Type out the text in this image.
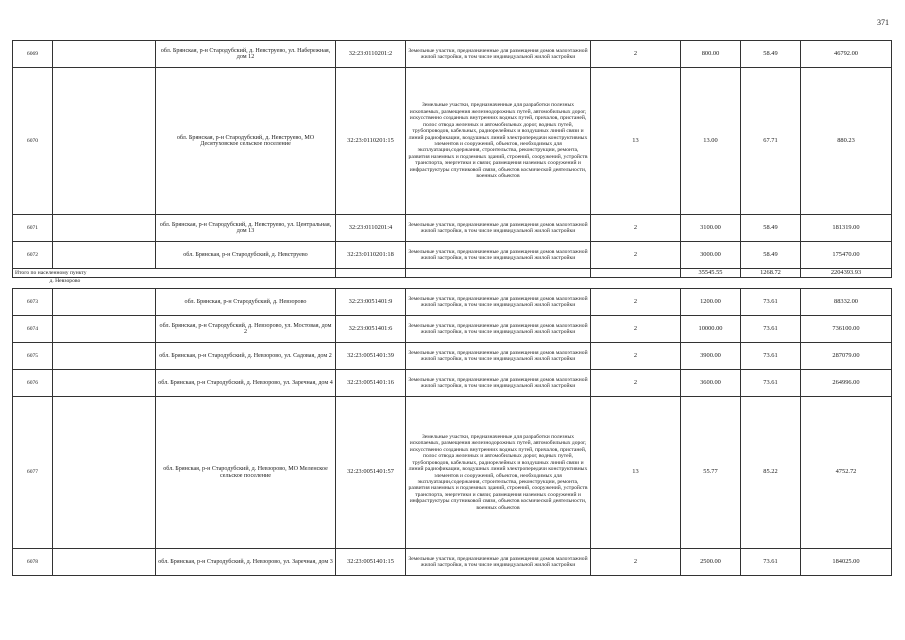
371
6069		обл. Брянская, р-н Стародубский, д. Невструево, ул. Набережная, дом 12	32:23:0110201:2	Земельные участки, предназначенные для размещения домов малоэтажной жилой застройки, в том числе индивидуальной жилой застройки	2	800.00	58.49	46792.00
6070		обл. Брянская, р-н Стародубский, д. Невструево, МО Десятуховское сельское поселение	32:23:0110201:15	Земельные участки, предназначенные для разработки полезных ископаемых, размещения железнодорожных путей, автомобильных дорог, искусственно созданных внутренних водных путей, причалов, пристаней, полос отвода железных и автомобильных дорог, водных путей, трубопроводов, кабельных, радиорелейных и воздушных линий связи и линий радиофикации, воздушных линий электропередачи конструктивных элементов и сооружений, объектов, необходимых для эксплуатации,содержания, строительства, реконструкции, ремонта, развития наземных и подземных зданий, строений, сооружений, устройств транспорта, энергетики и связи; размещения наземных сооружений и инфраструктуры спутниковой связи, объектов космической деятельности, военных объектов	13	13.00	67.71	880.23
6071		обл. Брянская, р-н Стародубский, д. Невструево, ул. Центральная, дом 13	32:23:0110201:4	Земельные участки, предназначенные для размещения домов малоэтажной жилой застройки, в том числе индивидуальной жилой застройки	2	3100.00	58.49	181319.00
6072		обл. Брянская, р-н Стародубский, д. Невструево	32:23:0110201:18	Земельные участки, предназначенные для размещения домов малоэтажной жилой застройки, в том числе индивидуальной жилой застройки	2	3000.00	58.49	175470.00
Итого по населенному пункту						35545.55	1268.72	2204393.93
д. Невзорово								
6073		обл. Брянская, р-н Стародубский, д. Невзорово	32:23:0051401:9	Земельные участки, предназначенные для размещения домов малоэтажной жилой застройки, в том числе индивидуальной жилой застройки	2	1200.00	73.61	88332.00
6074		обл. Брянская, р-н Стародубский, д. Невзорово, ул. Мостовая, дом 2	32:23:0051401:6	Земельные участки, предназначенные для размещения домов малоэтажной жилой застройки, в том числе индивидуальной жилой застройки	2	10000.00	73.61	736100.00
6075		обл. Брянская, р-н Стародубский, д. Невзорово, ул. Садовая, дом 2	32:23:0051401:39	Земельные участки, предназначенные для размещения домов малоэтажной жилой застройки, в том числе индивидуальной жилой застройки	2	3900.00	73.61	287079.00
6076		обл. Брянская, р-н Стародубский, д. Невзорово, ул. Заречная, дом 4	32:23:0051401:16	Земельные участки, предназначенные для размещения домов малоэтажной жилой застройки, в том числе индивидуальной жилой застройки	2	3600.00	73.61	264996.00
6077		обл. Брянская, р-н Стародубский, д. Невзорово, МО Меленское сельское поселение	32:23:0051401:57	Земельные участки, предназначенные для разработки полезных ископаемых, размещения железнодорожных путей, автомобильных дорог, искусственно созданных внутренних водных путей, причалов, пристаней, полос отвода железных и автомобильных дорог, водных путей, трубопроводов, кабельных, радиорелейных и воздушных линий связи и линий радиофикации, воздушных линий электропередачи конструктивных элементов и сооружений, объектов, необходимых для эксплуатации,содержания, строительства, реконструкции, ремонта, развития наземных и подземных зданий, строений, сооружений, устройств транспорта, энергетики и связи; размещения наземных сооружений и инфраструктуры спутниковой связи, объектов космической деятельности, военных объектов	13	55.77	85.22	4752.72
6078		обл. Брянская, р-н Стародубский, д. Невзорово, ул. Заречная, дом 3	32:23:0051401:15	Земельные участки, предназначенные для размещения домов малоэтажной жилой застройки, в том числе индивидуальной жилой застройки	2	2500.00	73.61	184025.00
